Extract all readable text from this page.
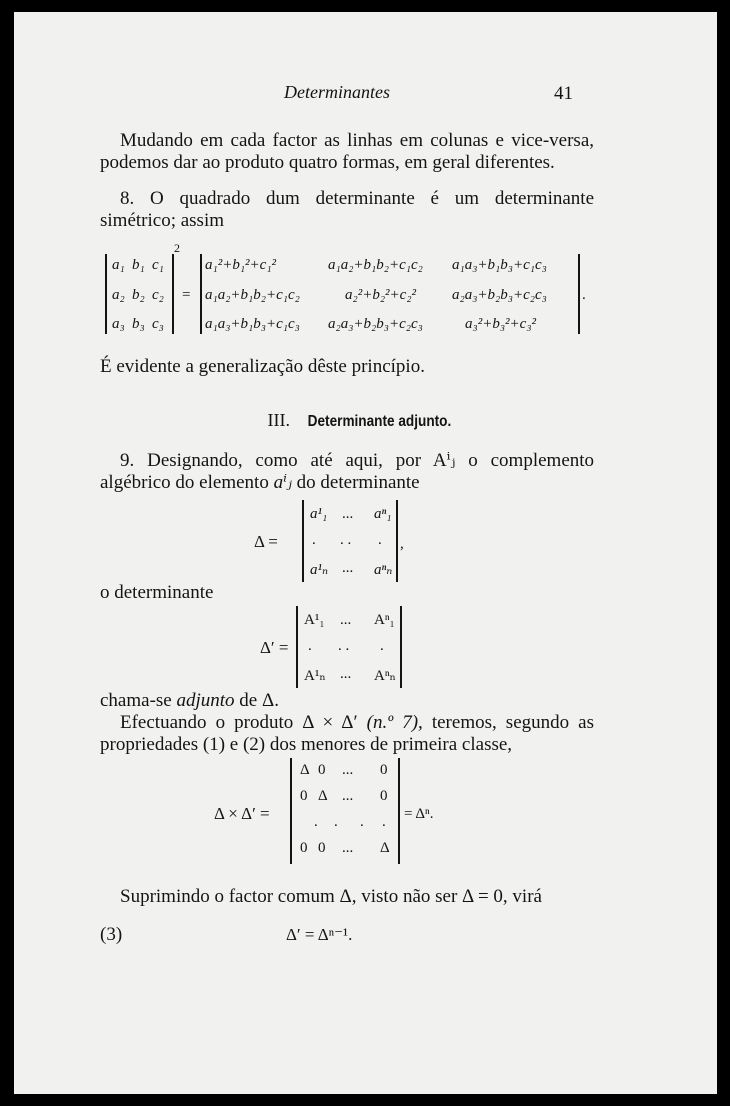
Determinantes	41
Mudando em cada factor as linhas em colunas e vice-versa, podemos dar ao produto quatro formas, em geral diferentes.
8. O quadrado dum determinante é um determinante simétrico; assim
a₁ b₁ c₁
a₂ b₂ c₂
a₃ b₃ c₃
2
=
a₁²+b₁²+c₁²	a₁a₂+b₁b₂+c₁c₂ a₁a₃+b₁b₃+c₁c₃
a₁a₂+b₁b₂+c₁c₂	a₂²+b₂²+c₂² a₂a₃+b₂b₃+c₂c₃
a₁a₃+b₁b₃+c₁c₃ a₂a₃+b₂b₃+c₂c₃	a₃²+b₃²+c₃²
.
É evidente a generalização dêste princípio.
III. Determinante adjunto.
9. Designando, como até aqui, por Aⁱⱼ o complemento algébrico do elemento aⁱⱼ do determinante
Δ =
a¹₁ ... aⁿ₁
. . . .
a¹ₙ ... aⁿₙ
,
o determinante
Δ′ =
A¹₁ ... Aⁿ₁
. . . .
A¹ₙ ... Aⁿₙ
chama-se adjunto de Δ.
Efectuando o produto Δ × Δ′ (n.º 7), teremos, segundo as propriedades (1) e (2) dos menores de primeira classe,
Δ × Δ′ =
Δ 0 ... 0
0 Δ ... 0
. . . .
0 0 ... Δ
= Δⁿ.
Suprimindo o factor comum Δ, visto não ser Δ = 0, virá
(3)	Δ′ = Δⁿ⁻¹.
